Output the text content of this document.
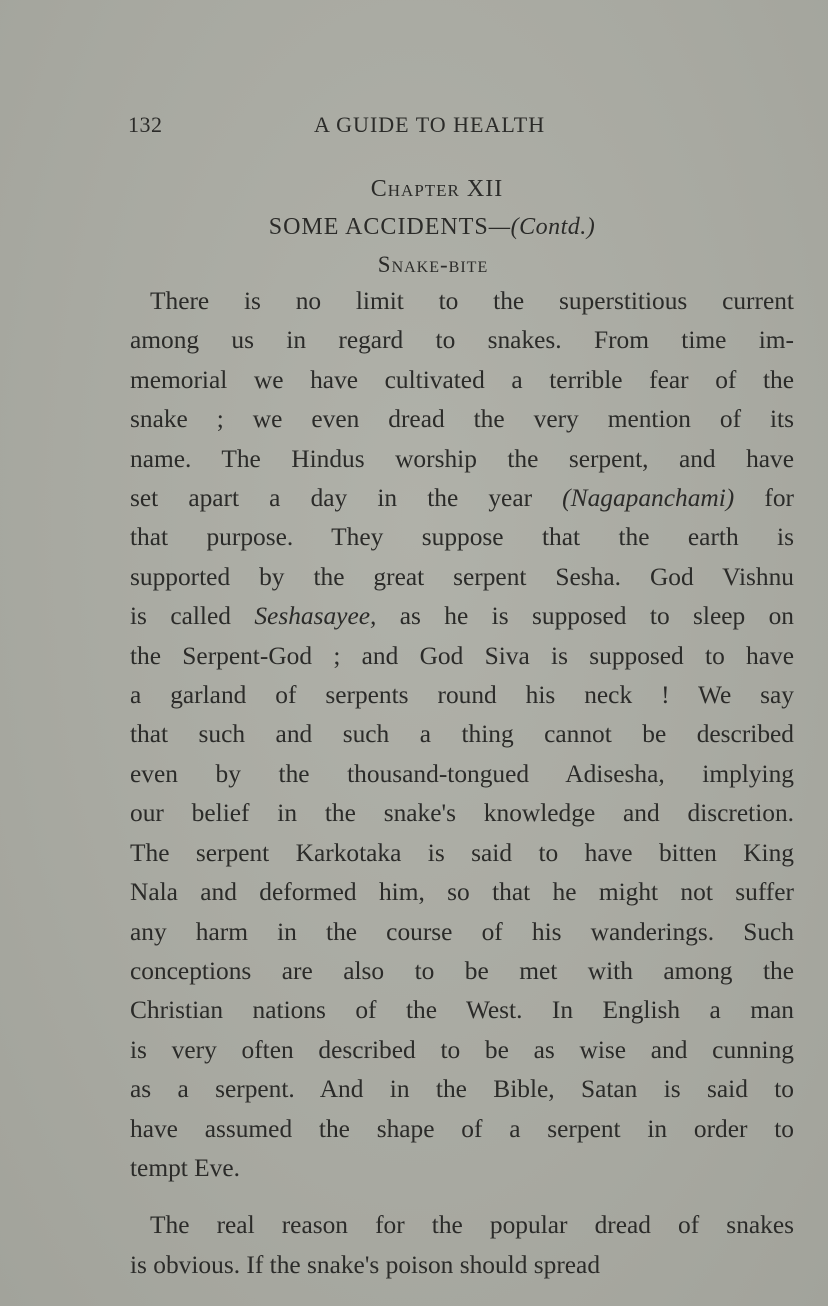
132	A GUIDE TO HEALTH
Chapter XII
SOME ACCIDENTS—(Contd.)
Snake-bite
There is no limit to the superstitious current
among us in regard to snakes. From time im-
memorial we have cultivated a terrible fear of the
snake ; we even dread the very mention of its
name. The Hindus worship the serpent, and have
set apart a day in the year (Nagapanchami) for
that purpose. They suppose that the earth is
supported by the great serpent Sesha. God Vishnu
is called Seshasayee, as he is supposed to sleep on
the Serpent-God ; and God Siva is supposed to have
a garland of serpents round his neck ! We say
that such and such a thing cannot be described
even by the thousand-tongued Adisesha, implying
our belief in the snake's knowledge and discretion.
The serpent Karkotaka is said to have bitten King
Nala and deformed him, so that he might not suffer
any harm in the course of his wanderings. Such
conceptions are also to be met with among the
Christian nations of the West. In English a man
is very often described to be as wise and cunning
as a serpent. And in the Bible, Satan is said to
have assumed the shape of a serpent in order to
tempt Eve.
The real reason for the popular dread of snakes
is obvious. If the snake's poison should spread
